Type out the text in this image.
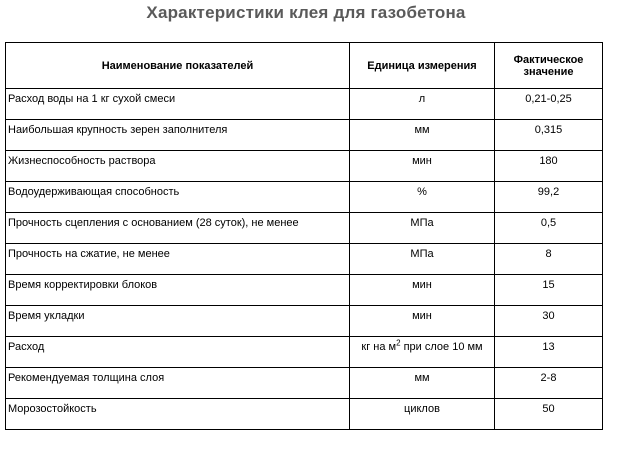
Характеристики клея для газобетона
Наименование показателей	Единица измерения	Фактическое
значение
Расход воды на 1 кг сухой смеси	л	0,21-0,25
Наибольшая крупность зерен заполнителя	мм	0,315
Жизнеспособность раствора	мин	180
Водоудерживающая способность	%	99,2
Прочность сцепления с основанием (28 суток), не менее	МПа	0,5
Прочность на сжатие, не менее	МПа	8
Время корректировки блоков	мин	15
Время укладки	мин	30
Расход	кг на $м^2$ при слое 10 мм	13
Рекомендуемая толщина слоя	мм	2-8
Морозостойкость	циклов	50
